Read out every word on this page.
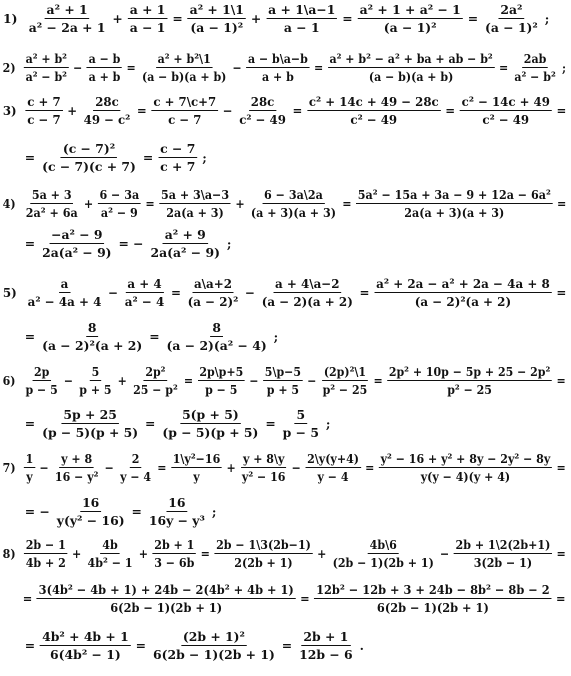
$1) \frac{\text{a² + 1}}{\text{a² − 2a + 1}} + \frac{a + 1}{a - 1} = \frac{\text{a² + 1\textbackslash{}1}}{\text{(a − 1)²}} + \frac{a + 1\backslash a-1}{a - 1} = \frac{\text{a² + 1 + a² − 1}}{\text{(a − 1)²}} = \frac{\text{2a²}}{\text{(a − 1)²}}$ ;
$2) \frac{\text{a² + b²}}{\text{a² − b²}} - \frac{a - b}{a + b} = \frac{\text{a² + b²\textbackslash{}1}}{(a - b)(a + b)} - \frac{a - b\backslash a-b}{a + b} = \frac{\text{a² + b² − a² + ba + ab − b²}}{(a - b)(a + b)} = \frac{2ab}{\text{a² − b²}}$ ;
$3) \frac{c + 7}{c - 7} + \frac{28c}{\text{49 − c²}} = \frac{c + 7\backslash c+7}{c - 7} - \frac{28c}{\text{c² − 49}} = \frac{\text{c² + 14c + 49 − 28c}}{\text{c² − 49}} = \frac{\text{c² − 14c + 49}}{\text{c² − 49}}$ =
= $\frac{\text{(c − 7)²}}{(c - 7)(c + 7)} = \frac{c - 7}{c + 7}$ ;
$4) \frac{5a + 3}{\text{2a² + 6a}} + \frac{6 - 3a}{\text{a² − 9}} = \frac{5a + 3\backslash a-3}{2a(a + 3)} + \frac{6 - 3a\backslash 2a}{(a + 3)(a + 3)} = \frac{\text{5a² − 15a + 3a − 9 + 12a − 6a²}}{2a(a + 3)(a + 3)}$ =
= $\frac{\text{−a² − 9}}{\text{2a(a² − 9)}}$ = − $\frac{\text{a² + 9}}{\text{2a(a² − 9)}}$ ;
$5) \frac{a}{\text{a² − 4a + 4}} - \frac{a + 4}{\text{a² − 4}} = \frac{a\backslash a+2}{\text{(a − 2)²}} - \frac{a + 4\backslash a-2}{(a - 2)(a + 2)} = \frac{\text{a² + 2a − a² + 2a − 4a + 8}}{\text{(a − 2)²(a + 2)}}$ =
= $\frac{8}{\text{(a − 2)²(a + 2)}} = \frac{8}{\text{(a − 2)(a² − 4)}}$ ;
$6) \frac{2p}{p - 5} - \frac{5}{p + 5} + \frac{\text{2p²}}{\text{25 − p²}} = \frac{2p\backslash p+5}{p - 5} - \frac{5\backslash p-5}{p + 5} - \frac{\text{(2p)²\textbackslash{}1}}{\text{p² − 25}} = \frac{\text{2p² + 10p − 5p + 25 − 2p²}}{\text{p² − 25}}$ =
= $\frac{5p + 25}{(p - 5)(p + 5)} = \frac{5(p + 5)}{(p - 5)(p + 5)} = \frac{5}{p - 5}$ ;
$7) \frac{1}{y} - \frac{y + 8}{\text{16 − y²}} - \frac{2}{y - 4} = \frac{\text{1\textbackslash{}y²−16}}{y} + \frac{y + 8\backslash y}{\text{y² − 16}} - \frac{2\backslash y(y+4)}{y - 4} = \frac{\text{y² − 16 + y² + 8y − 2y² − 8y}}{y(y - 4)(y + 4)}$ =
= − $\frac{16}{\text{y(y² − 16)}} = \frac{16}{\text{16y − y³}}$ ;
$8) \frac{2b - 1}{4b + 2} + \frac{4b}{\text{4b² − 1}} + \frac{2b + 1}{3 - 6b} = \frac{2b - 1\backslash 3(2b-1)}{2(2b + 1)} + \frac{4b\backslash 6}{(2b - 1)(2b + 1)} - \frac{2b + 1\backslash 2(2b+1)}{3(2b - 1)}$ =
= $\frac{\text{3(4b² − 4b + 1) + 24b − 2(4b² + 4b + 1)}}{6(2b - 1)(2b + 1)} = \frac{\text{12b² − 12b + 3 + 24b − 8b² − 8b − 2}}{6(2b - 1)(2b + 1)}$ =
= $\frac{\text{4b² + 4b + 1}}{\text{6(4b² − 1)}} = \frac{\text{(2b + 1)²}}{6(2b - 1)(2b + 1)} = \frac{2b + 1}{12b - 6}$ .
